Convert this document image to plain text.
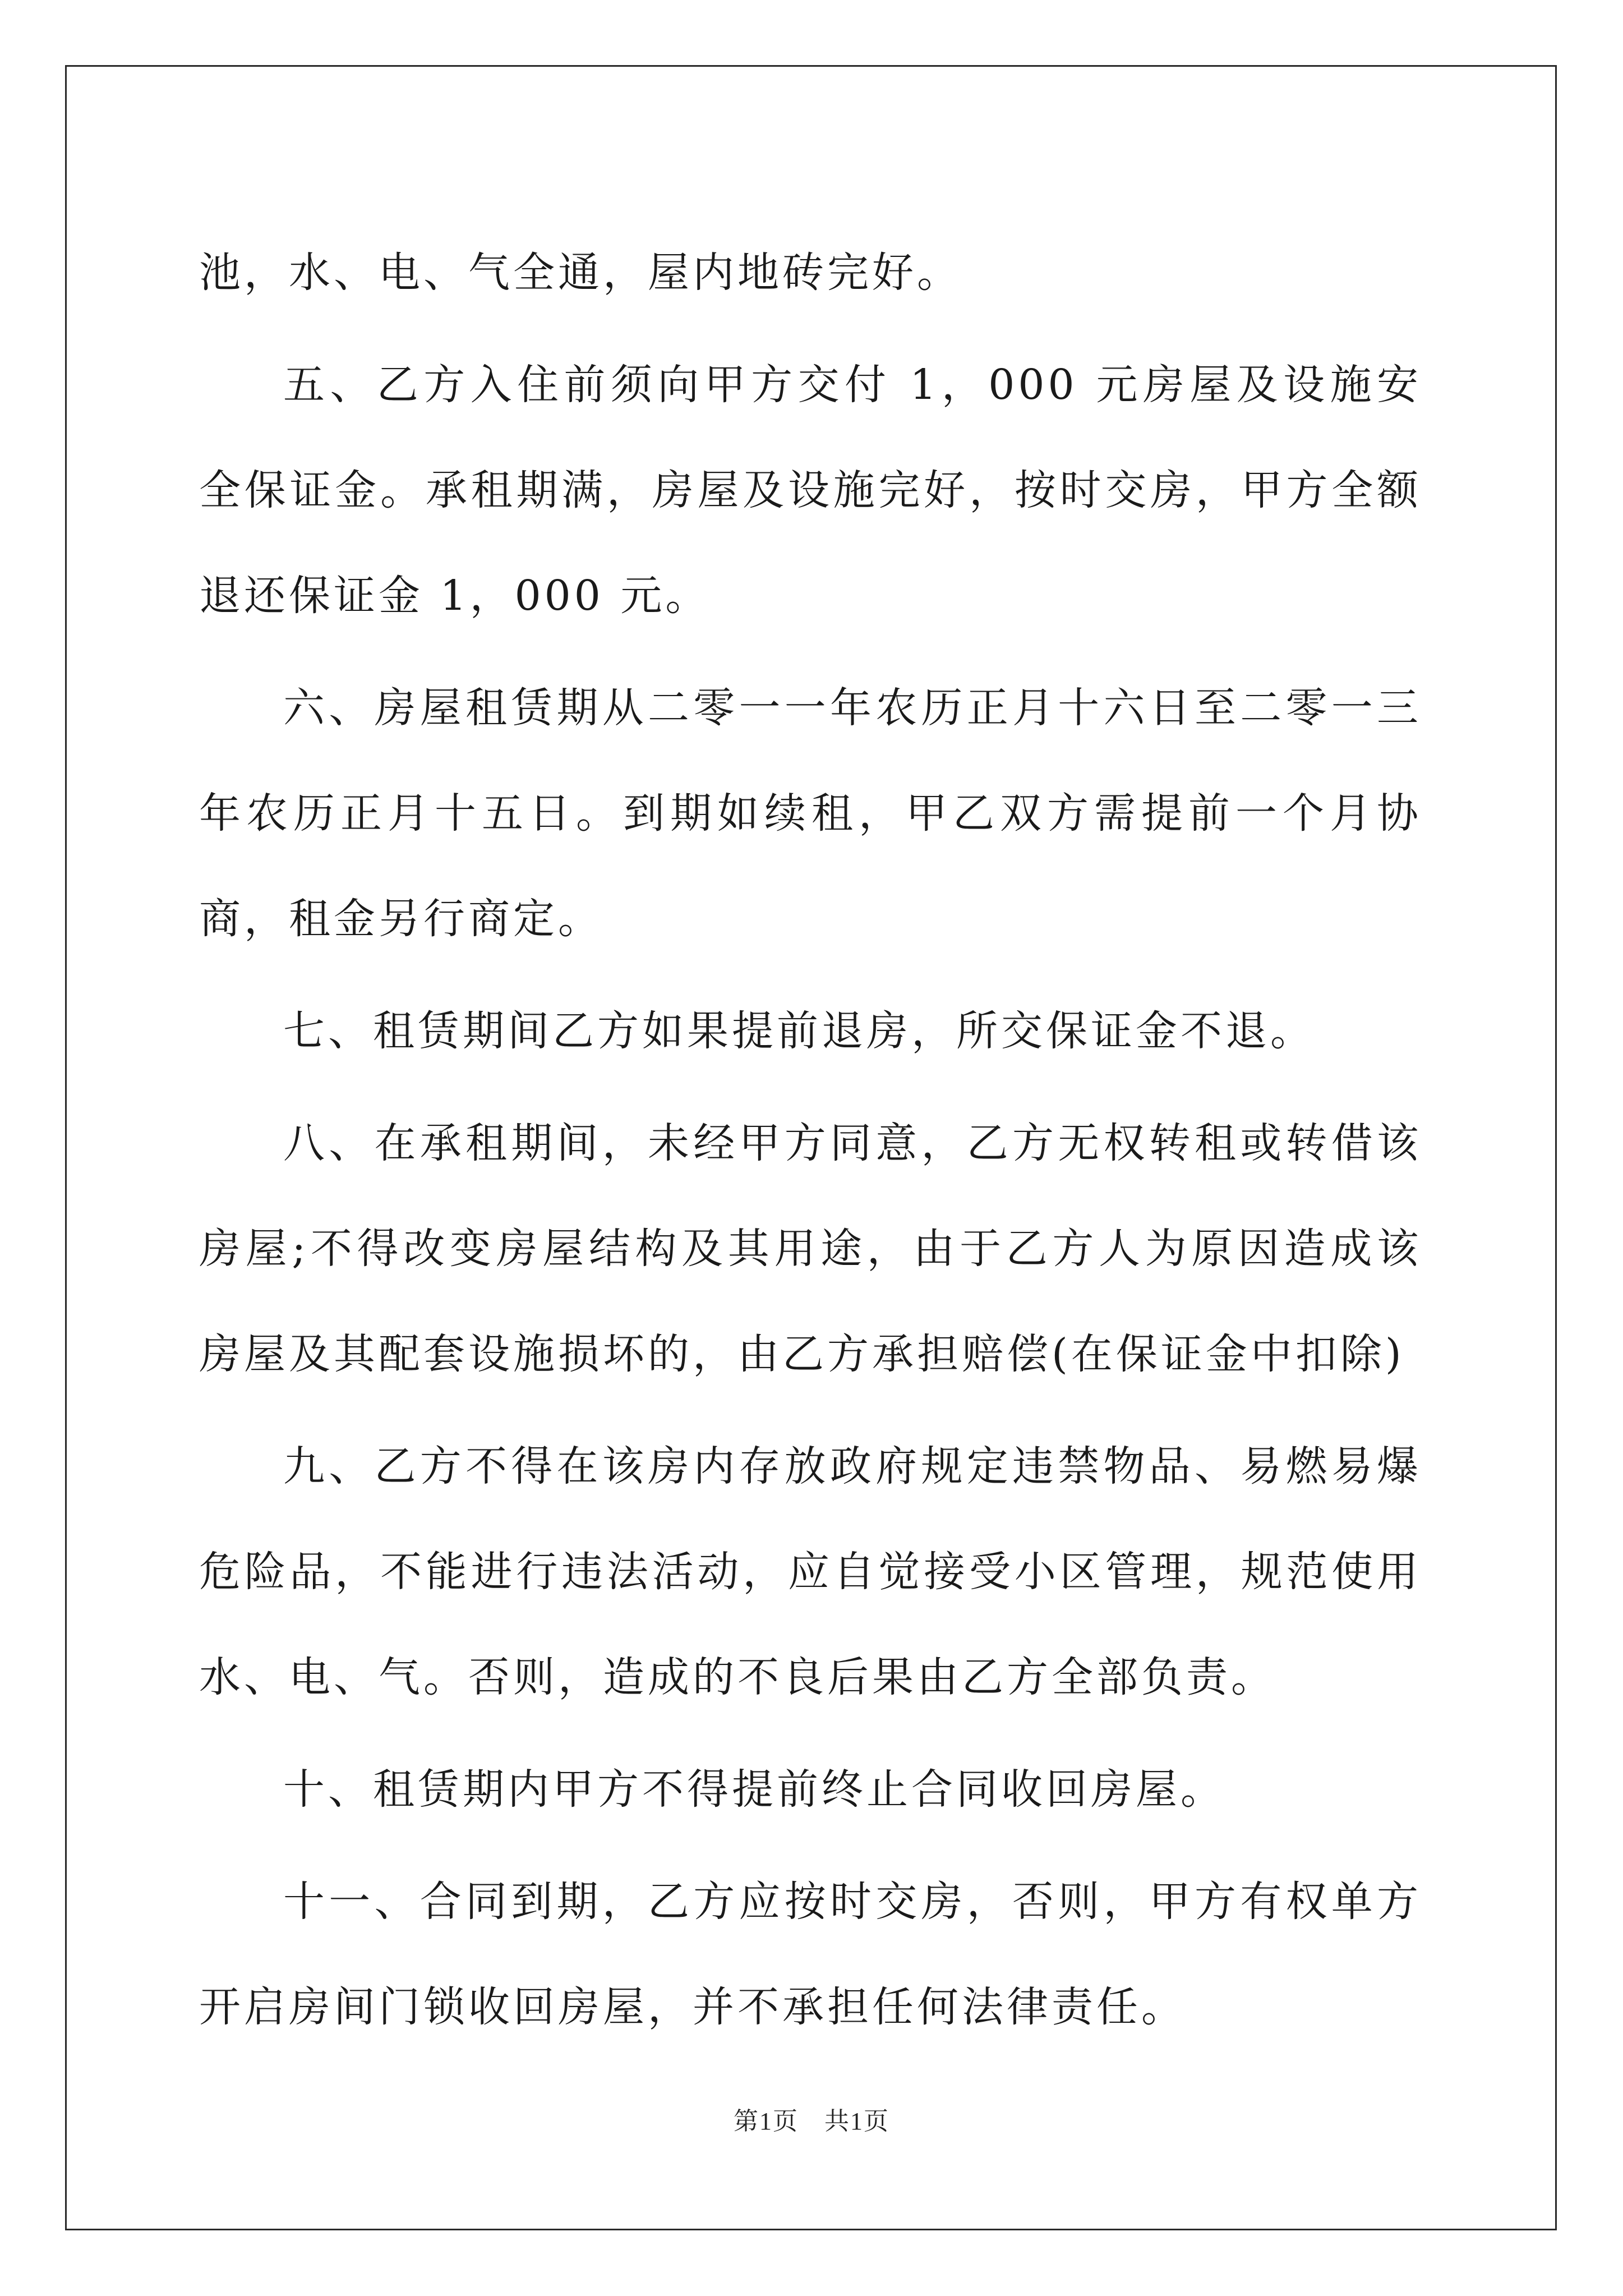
池，水、电、气全通，屋内地砖完好。

五、乙方入住前须向甲方交付 1，000 元房屋及设施安全保证金。承租期满，房屋及设施完好，按时交房，甲方全额退还保证金 1，000 元。

六、房屋租赁期从二零一一年农历正月十六日至二零一三年农历正月十五日。到期如续租，甲乙双方需提前一个月协商，租金另行商定。

七、租赁期间乙方如果提前退房，所交保证金不退。

八、在承租期间，未经甲方同意，乙方无权转租或转借该房屋;不得改变房屋结构及其用途，由于乙方人为原因造成该房屋及其配套设施损坏的，由乙方承担赔偿(在保证金中扣除)

九、乙方不得在该房内存放政府规定违禁物品、易燃易爆危险品，不能进行违法活动，应自觉接受小区管理，规范使用水、电、气。否则，造成的不良后果由乙方全部负责。

十、租赁期内甲方不得提前终止合同收回房屋。

十一、合同到期，乙方应按时交房，否则，甲方有权单方开启房间门锁收回房屋，并不承担任何法律责任。

第1页　共1页
